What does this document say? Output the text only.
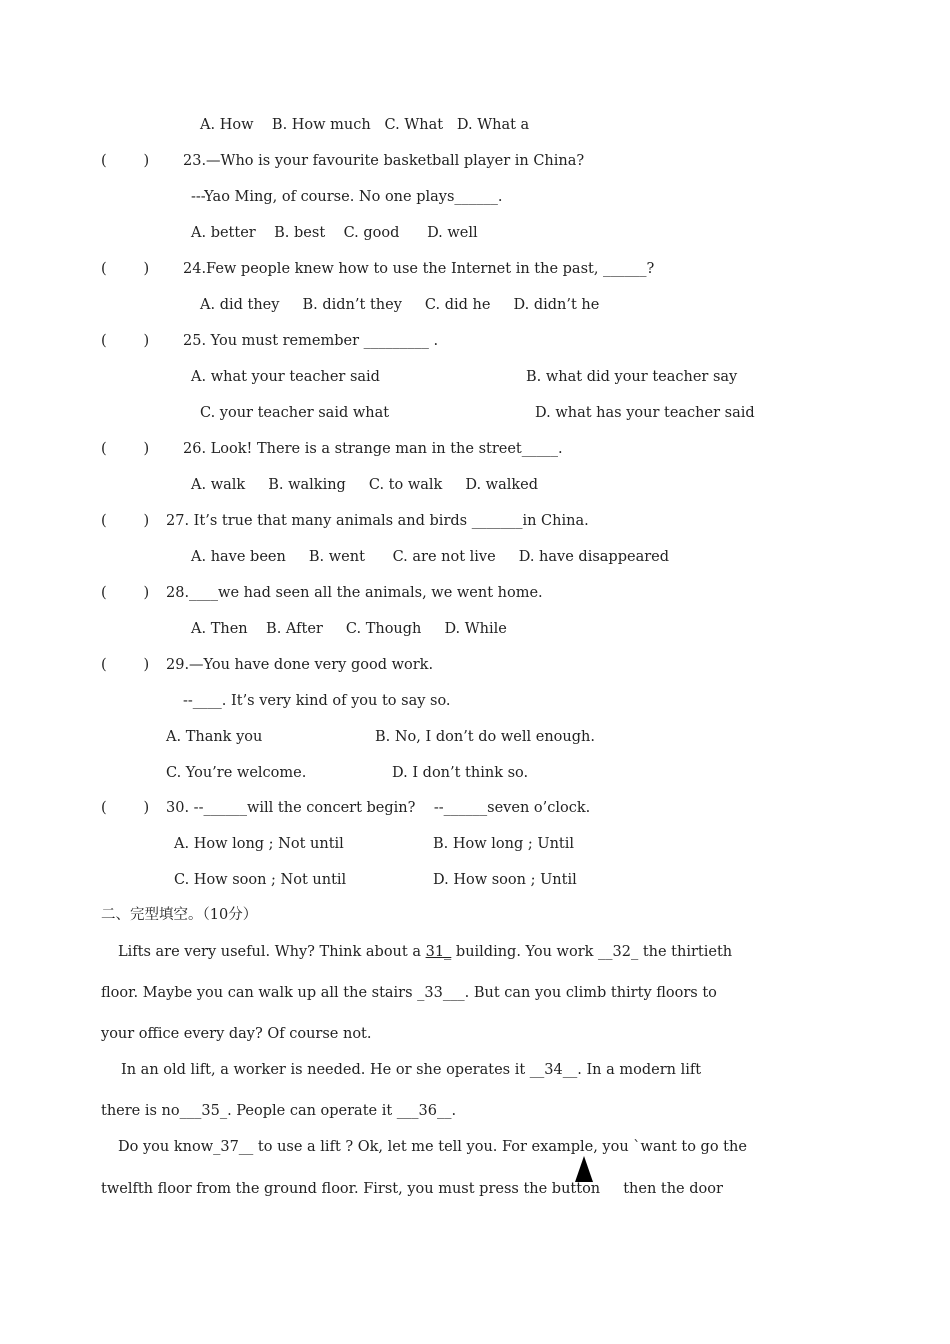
A. How    B. How much   C. What   D. What a
(        ) 23.—Who is your favourite basketball player in China?
---Yao Ming, of course. No one plays______.
A. better    B. best    C. good      D. well
(        ) 24.Few people knew how to use the Internet in the past, ______?
A. did they     B. didn’t they     C. did he     D. didn’t he
(        ) 25. You must remember _________ .
A. what your teacher said	B. what did your teacher say
C. your teacher said what	D. what has your teacher said
(        ) 26. Look! There is a strange man in the street_____.
A. walk     B. walking     C. to walk     D. walked
(        ) 27. It’s true that many animals and birds _______in China.
A. have been     B. went      C. are not live     D. have disappeared
(        ) 28.____we had seen all the animals, we went home.
A. Then    B. After     C. Though     D. While
(        ) 29.—You have done very good work.
--____. It’s very kind of you to say so.
A. Thank you	B. No, I don’t do well enough.
C. You’re welcome.	D. I don’t think so.
(        ) 30. --______will the concert begin?    --______seven o’clock.
A. How long ; Not until	B. How long ; Until
C. How soon ; Not until	D. How soon ; Until
二、完型填空。（10分）
Lifts are very useful. Why? Think about a 31_ building. You work __32_ the thirtieth
floor. Maybe you can walk up all the stairs _33___. But can you climb thirty floors to
your office every day? Of course not.
In an old lift, a worker is needed. He or she operates it __34__. In a modern lift
there is no___35_. People can operate it ___36__.
Do you know_37__ to use a lift ? Ok, let me tell you. For example, you `want to go the
twelfth floor from the ground floor. First, you must press the button     then the door
